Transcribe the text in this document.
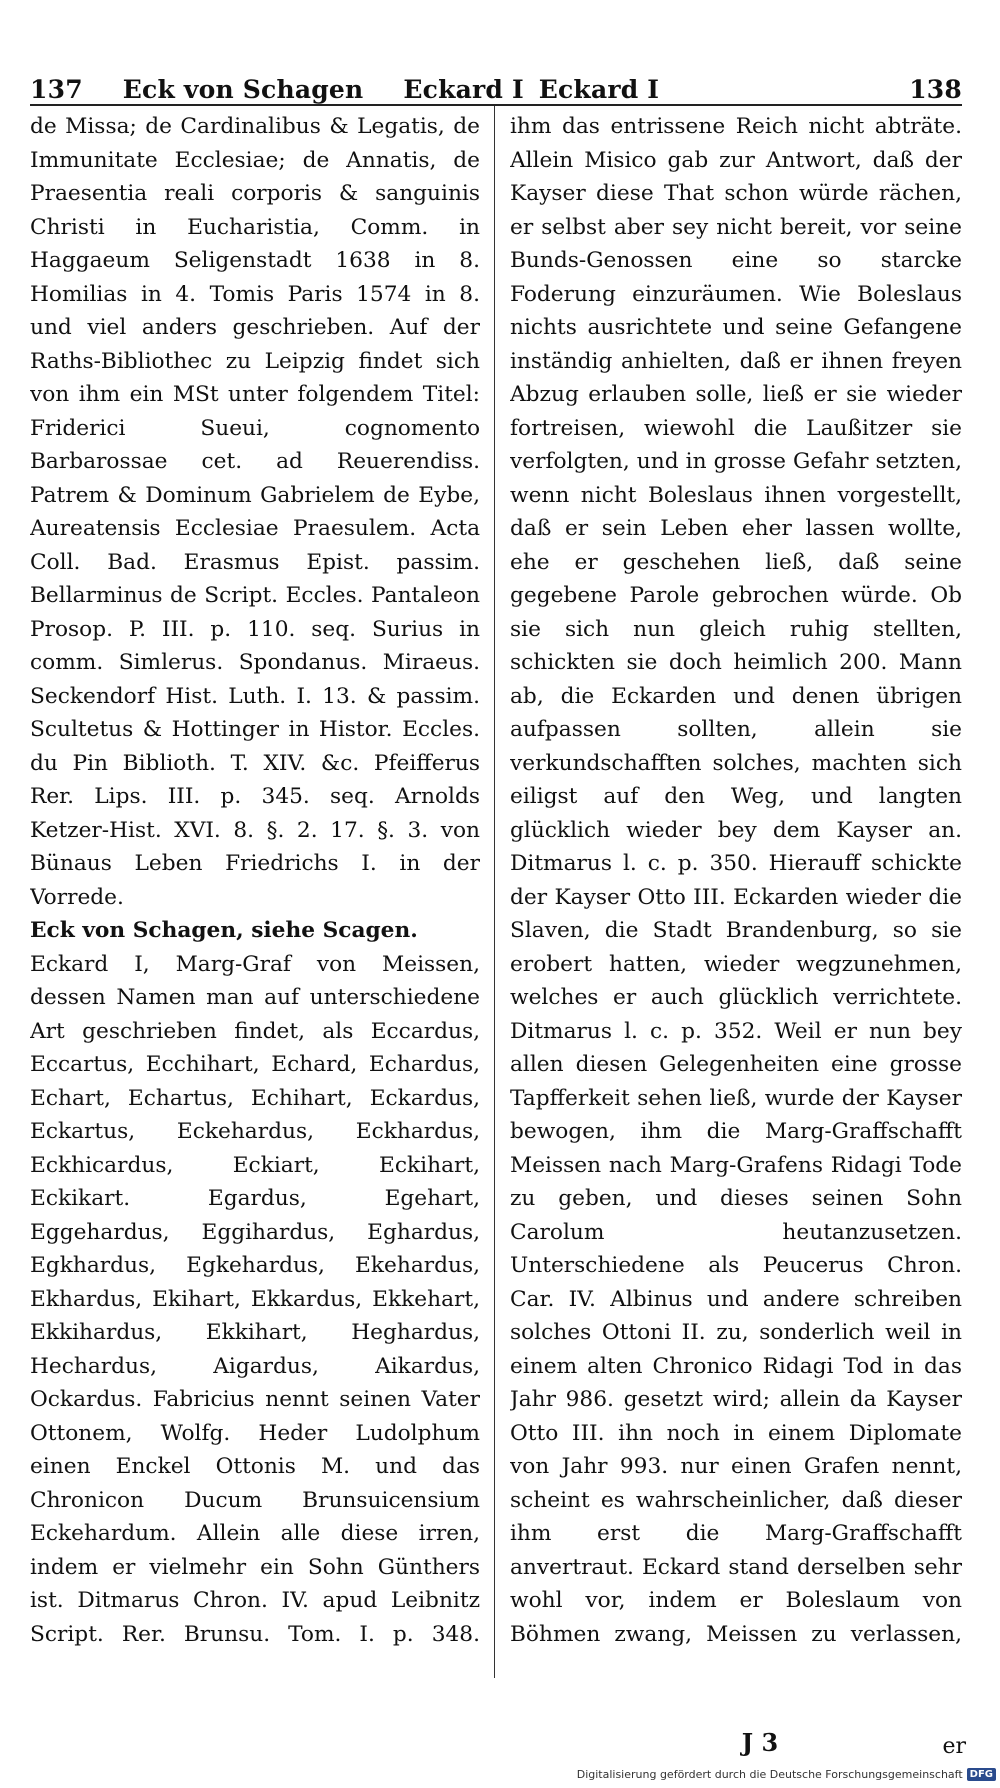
137 Eck von Schagen Eckard I Eckard I	138

de Missa; de Cardinalibus & Legatis, de Immunitate Ecclesiae; de Annatis, de Praesentia reali corporis & sanguinis Christi in Eucharistia, Comm. in Haggaeum Seligenstadt 1638 in 8. Homilias in 4. Tomis Paris 1574 in 8. und viel anders geschrieben. Auf der Raths-Bibliothec zu Leipzig findet sich von ihm ein MSt unter folgendem Titel: Friderici Sueui, cognomento Barbarossae cet. ad Reuerendiss. Patrem & Dominum Gabrielem de Eybe, Aureatensis Ecclesiae Praesulem. Acta Coll. Bad. Erasmus Epist. passim. Bellarminus de Script. Eccles. Pantaleon Prosop. P. III. p. 110. seq. Surius in comm. Simlerus. Spondanus. Miraeus. Seckendorf Hist. Luth. I. 13. & passim. Scultetus & Hottinger in Histor. Eccles. du Pin Biblioth. T. XIV. &c. Pfeifferus Rer. Lips. III. p. 345. seq. Arnolds Ketzer-Hist. XVI. 8. §. 2. 17. §. 3. von Bünaus Leben Friedrichs I. in der Vorrede.

Eck von Schagen, siehe Scagen.

Eckard I, Marg-Graf von Meissen, dessen Namen man auf unterschiedene Art geschrieben findet, als Eccardus, Eccartus, Ecchihart, Echard, Echardus, Echart, Echartus, Echihart, Eckardus, Eckartus, Eckehardus, Eckhardus, Eckhicardus, Eckiart, Eckihart, Eckikart. Egardus, Egehart, Eggehardus, Eggihardus, Eghardus, Egkhardus, Egkehardus, Ekehardus, Ekhardus, Ekihart, Ekkardus, Ekkehart, Ekkihardus, Ekkihart, Heghardus, Hechardus, Aigardus, Aikardus, Ockardus. Fabricius nennt seinen Vater Ottonem, Wolfg. Heder Ludolphum einen Enckel Ottonis M. und das Chronicon Ducum Brunsuicensium Eckehardum. Allein alle diese irren, indem er vielmehr ein Sohn Günthers ist. Ditmarus Chron. IV. apud Leibnitz Script. Rer. Brunsu. Tom. I. p. 348.

ihm das entrissene Reich nicht abträte. Allein Misico gab zur Antwort, daß der Kayser diese That schon würde rächen, er selbst aber sey nicht bereit, vor seine Bunds-Genossen eine so starcke Foderung einzuräumen. Wie Boleslaus nichts ausrichtete und seine Gefangene inständig anhielten, daß er ihnen freyen Abzug erlauben solle, ließ er sie wieder fortreisen, wiewohl die Laußitzer sie verfolgten, und in grosse Gefahr setzten, wenn nicht Boleslaus ihnen vorgestellt, daß er sein Leben eher lassen wollte, ehe er geschehen ließ, daß seine gegebene Parole gebrochen würde. Ob sie sich nun gleich ruhig stellten, schickten sie doch heimlich 200. Mann ab, die Eckarden und denen übrigen aufpassen sollten, allein sie verkundschafften solches, machten sich eiligst auf den Weg, und langten glücklich wieder bey dem Kayser an. Ditmarus l. c. p. 350. Hierauff schickte der Kayser Otto III. Eckarden wieder die Slaven, die Stadt Brandenburg, so sie erobert hatten, wieder wegzunehmen, welches er auch glücklich verrichtete. Ditmarus l. c. p. 352. Weil er nun bey allen diesen Gelegenheiten eine grosse Tapfferkeit sehen ließ, wurde der Kayser bewogen, ihm die Marg-Graffschafft Meissen nach Marg-Grafens Ridagi Tode zu geben, und dieses seinen Sohn Carolum heutanzusetzen. Unterschiedene als Peucerus Chron. Car. IV. Albinus und andere schreiben solches Ottoni II. zu, sonderlich weil in einem alten Chronico Ridagi Tod in das Jahr 986. gesetzt wird; allein da Kayser Otto III. ihn noch in einem Diplomate von Jahr 993. nur einen Grafen nennt, scheint es wahrscheinlicher, daß dieser ihm erst die Marg-Graffschafft anvertraut. Eckard stand derselben sehr wohl vor, indem er Boleslaum von Böhmen zwang, Meissen zu verlassen,

J 3	er
Digitalisierung gefördert durch die Deutsche Forschungsgemeinschaft DFG
